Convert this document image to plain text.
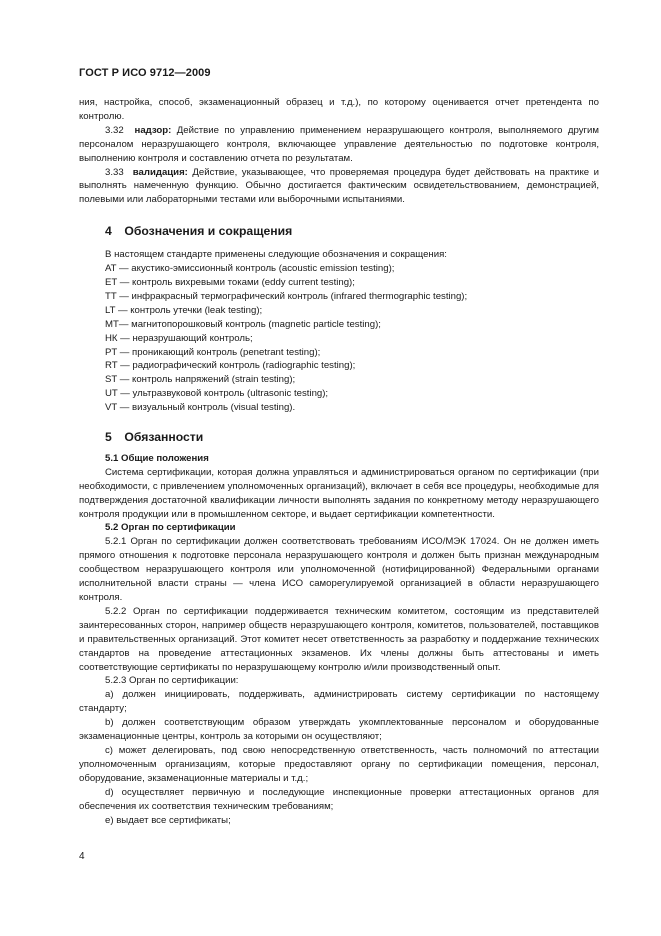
ГОСТ Р ИСО 9712—2009

ния, настройка, способ, экзаменационный образец и т.д.), по которому оценивается отчет претендента по контролю.

3.32 надзор: Действие по управлению применением неразрушающего контроля, выполняемого другим персоналом неразрушающего контроля, включающее управление деятельностью по подготовке контроля, выполнению контроля и составлению отчета по результатам.

3.33 валидация: Действие, указывающее, что проверяемая процедура будет действовать на практике и выполнять намеченную функцию. Обычно достигается фактическим освидетельствованием, демонстрацией, полевыми или лабораторными тестами или выборочными испытаниями.

4 Обозначения и сокращения

В настоящем стандарте применены следующие обозначения и сокращения:

AT — акустико-эмиссионный контроль (acoustic emission testing);
ET — контроль вихревыми токами (eddy current testing);
TT — инфракрасный термографический контроль (infrared thermographic testing);
LT — контроль утечки (leak testing);
MT— магнитопорошковый контроль (magnetic particle testing);
НК — неразрушающий контроль;
PT — проникающий контроль (penetrant testing);
RT — радиографический контроль (radiographic testing);
ST — контроль напряжений (strain testing);
UT — ультразвуковой контроль (ultrasonic testing);
VT — визуальный контроль (visual testing).
5 Обязанности
5.1 Общие положения

Система сертификации, которая должна управляться и администрироваться органом по сертификации (при необходимости, с привлечением уполномоченных организаций), включает в себя все процедуры, необходимые для подтверждения достаточной квалификации личности выполнять задания по конкретному методу неразрушающего контроля продукции или в промышленном секторе, и выдает сертификации компетентности.

5.2 Орган по сертификации

5.2.1 Орган по сертификации должен соответствовать требованиям ИСО/МЭК 17024. Он не должен иметь прямого отношения к подготовке персонала неразрушающего контроля и должен быть признан международным сообществом неразрушающего контроля или уполномоченной (нотифицированной) Федеральными органами исполнительной власти страны — члена ИСО саморегулируемой организацией в области неразрушающего контроля.

5.2.2 Орган по сертификации поддерживается техническим комитетом, состоящим из представителей заинтересованных сторон, например обществ неразрушающего контроля, комитетов, пользователей, поставщиков и правительственных организаций. Этот комитет несет ответственность за разработку и поддержание технических стандартов на проведение аттестационных экзаменов. Их члены должны быть аттестованы и иметь соответствующие сертификаты по неразрушающему контролю и/или производственный опыт.

5.2.3 Орган по сертификации:

a) должен инициировать, поддерживать, администрировать систему сертификации по настоящему стандарту;

b) должен соответствующим образом утверждать укомплектованные персоналом и оборудованные экзаменационные центры, контроль за которыми он осуществляют;

c) может делегировать, под свою непосредственную ответственность, часть полномочий по аттестации уполномоченным организациям, которые предоставляют органу по сертификации помещения, персонал, оборудование, экзаменационные материалы и т.д.;

d) осуществляет первичную и последующие инспекционные проверки аттестационных органов для обеспечения их соответствия техническим требованиям;

e) выдает все сертификаты;

4
